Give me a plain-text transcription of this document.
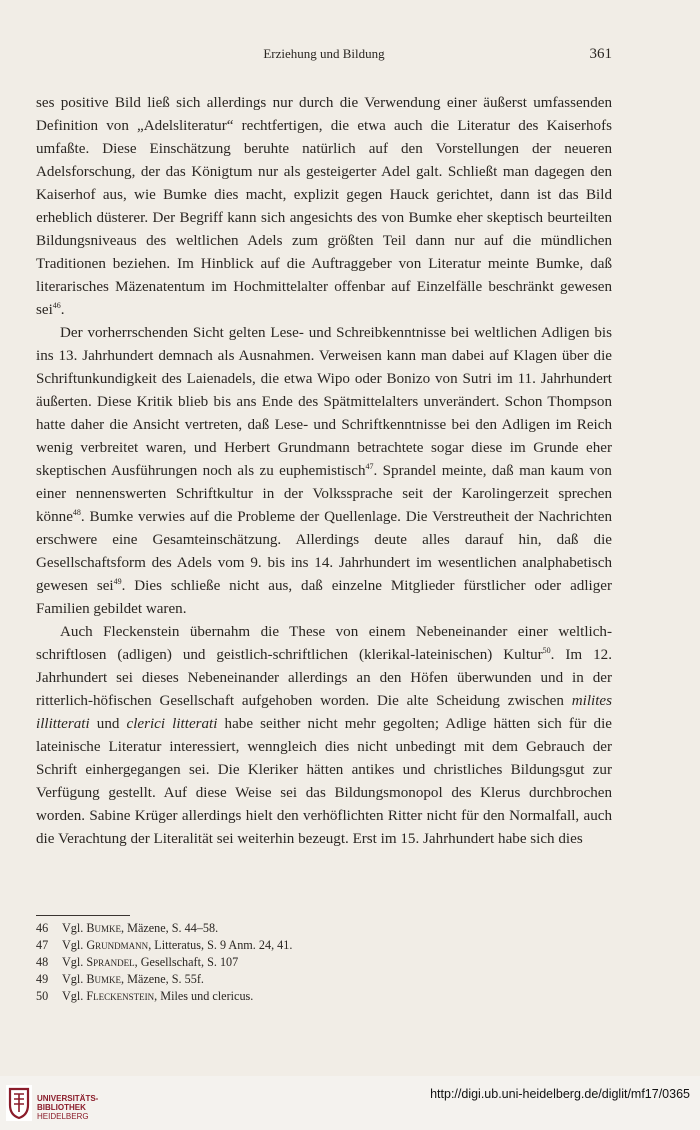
Erziehung und Bildung	361

ses positive Bild ließ sich allerdings nur durch die Verwendung einer äußerst umfassenden Definition von „Adelsliteratur“ rechtfertigen, die etwa auch die Literatur des Kaiserhofs umfaßte. Diese Einschätzung beruhte natürlich auf den Vorstellungen der neueren Adelsforschung, der das Königtum nur als gesteigerter Adel galt. Schließt man dagegen den Kaiserhof aus, wie Bumke dies macht, explizit gegen Hauck gerichtet, dann ist das Bild erheblich düsterer. Der Begriff kann sich angesichts des von Bumke eher skeptisch beurteilten Bildungsniveaus des weltlichen Adels zum größten Teil dann nur auf die mündlichen Traditionen beziehen. Im Hinblick auf die Auftraggeber von Literatur meinte Bumke, daß literarisches Mäzenatentum im Hochmittelalter offenbar auf Einzelfälle beschränkt gewesen sei$^{46}$.

Der vorherrschenden Sicht gelten Lese- und Schreibkenntnisse bei weltlichen Adligen bis ins 13. Jahrhundert demnach als Ausnahmen. Verweisen kann man dabei auf Klagen über die Schriftunkundigkeit des Laienadels, die etwa Wipo oder Bonizo von Sutri im 11. Jahrhundert äußerten. Diese Kritik blieb bis ans Ende des Spätmittelalters unverändert. Schon Thompson hatte daher die Ansicht vertreten, daß Lese- und Schriftkenntnisse bei den Adligen im Reich wenig verbreitet waren, und Herbert Grundmann betrachtete sogar diese im Grunde eher skeptischen Ausführungen noch als zu euphemistisch$^{47}$. Sprandel meinte, daß man kaum von einer nennenswerten Schriftkultur in der Volkssprache seit der Karolingerzeit sprechen könne$^{48}$. Bumke verwies auf die Probleme der Quellenlage. Die Verstreutheit der Nachrichten erschwere eine Gesamteinschätzung. Allerdings deute alles darauf hin, daß die Gesellschaftsform des Adels vom 9. bis ins 14. Jahrhundert im wesentlichen analphabetisch gewesen sei$^{49}$. Dies schließe nicht aus, daß einzelne Mitglieder fürstlicher oder adliger Familien gebildet waren.

Auch Fleckenstein übernahm die These von einem Nebeneinander einer weltlich-schriftlosen (adligen) und geistlich-schriftlichen (klerikal-lateinischen) Kultur$^{50}$. Im 12. Jahrhundert sei dieses Nebeneinander allerdings an den Höfen überwunden und in der ritterlich-höfischen Gesellschaft aufgehoben worden. Die alte Scheidung zwischen milites illitterati und clerici litterati habe seither nicht mehr gegolten; Adlige hätten sich für die lateinische Literatur interessiert, wenngleich dies nicht unbedingt mit dem Gebrauch der Schrift einhergegangen sei. Die Kleriker hätten antikes und christliches Bildungsgut zur Verfügung gestellt. Auf diese Weise sei das Bildungsmonopol des Klerus durchbrochen worden. Sabine Krüger allerdings hielt den verhöflichten Ritter nicht für den Normalfall, auch die Verachtung der Literalität sei weiterhin bezeugt. Erst im 15. Jahrhundert habe sich dies

46	Vgl. Bumke, Mäzene, S. 44–58.
47	Vgl. Grundmann, Litteratus, S. 9 Anm. 24, 41.
48	Vgl. Sprandel, Gesellschaft, S. 107
49	Vgl. Bumke, Mäzene, S. 55f.
50	Vgl. Fleckenstein, Miles und clericus.
UNIVERSITÄTS-
BIBLIOTHEK
HEIDELBERG
http://digi.ub.uni-heidelberg.de/diglit/mf17/0365
